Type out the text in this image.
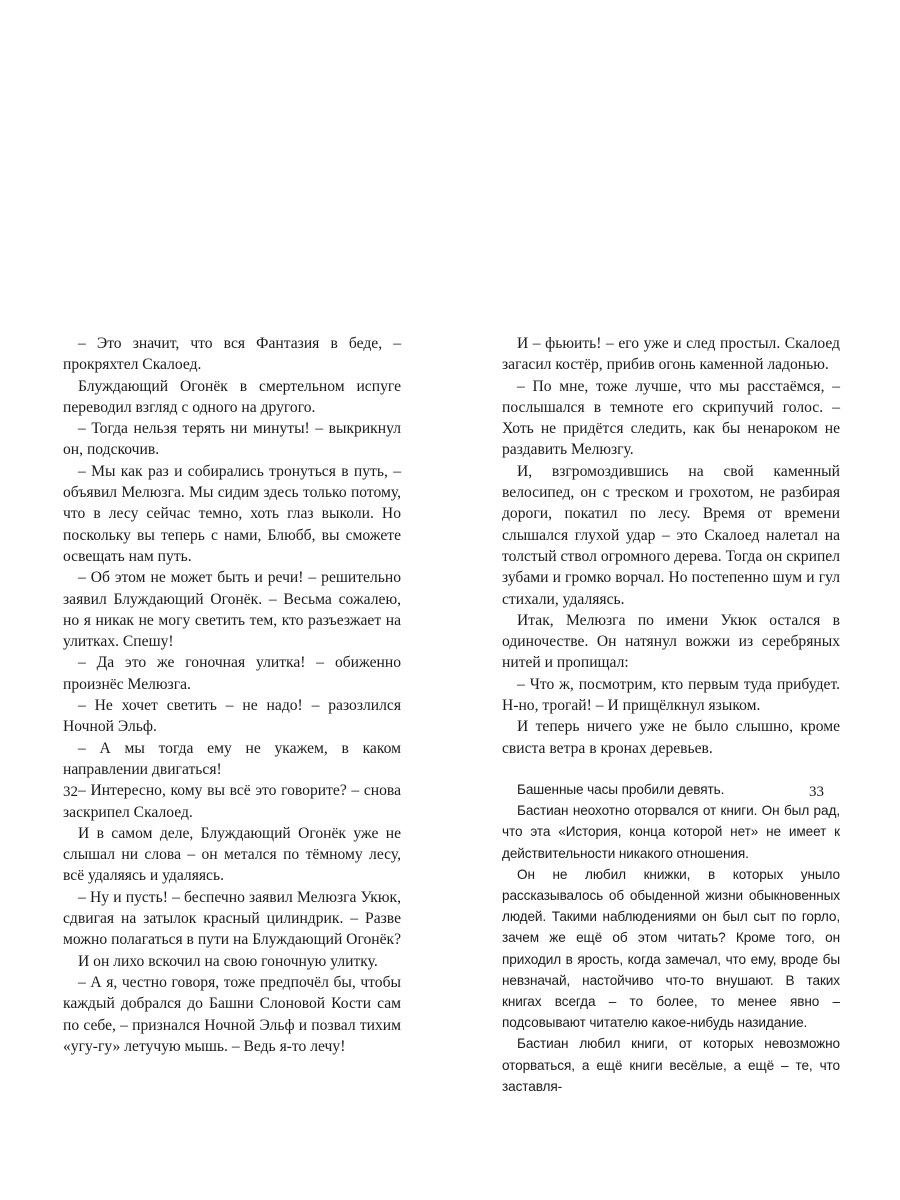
– Это значит, что вся Фантазия в беде, – прокряхтел Скалоед.

Блуждающий Огонёк в смертельном испуге переводил взгляд с одного на другого.

– Тогда нельзя терять ни минуты! – выкрикнул он, подскочив.

– Мы как раз и собирались тронуться в путь, – объявил Мелюзга. Мы сидим здесь только потому, что в лесу сейчас темно, хоть глаз выколи. Но поскольку вы теперь с нами, Блюбб, вы сможете освещать нам путь.

– Об этом не может быть и речи! – решительно заявил Блуждающий Огонёк. – Весьма сожалею, но я никак не могу светить тем, кто разъезжает на улитках. Спешу!

– Да это же гоночная улитка! – обиженно произнёс Мелюзга.

– Не хочет светить – не надо! – разозлился Ночной Эльф.

– А мы тогда ему не укажем, в каком направлении двигаться!

– Интересно, кому вы всё это говорите? – снова заскрипел Скалоед.

И в самом деле, Блуждающий Огонёк уже не слышал ни слова – он метался по тёмному лесу, всё удаляясь и удаляясь.

– Ну и пусть! – беспечно заявил Мелюзга Укюк, сдвигая на затылок красный цилиндрик. – Разве можно полагаться в пути на Блуждающий Огонёк?

И он лихо вскочил на свою гоночную улитку.

– А я, честно говоря, тоже предпочёл бы, чтобы каждый добрался до Башни Слоновой Кости сам по себе, – признался Ночной Эльф и позвал тихим «угу-гу» летучую мышь. – Ведь я-то лечу!

И – фьюить! – его уже и след простыл. Скалоед загасил костёр, прибив огонь каменной ладонью.

– По мне, тоже лучше, что мы расстаёмся, – послышался в темноте его скрипучий голос. – Хоть не придётся следить, как бы ненароком не раздавить Мелюзгу.

И, взгромоздившись на свой каменный велосипед, он с треском и грохотом, не разбирая дороги, покатил по лесу. Время от времени слышался глухой удар – это Скалоед налетал на толстый ствол огромного дерева. Тогда он скрипел зубами и громко ворчал. Но постепенно шум и гул стихали, удаляясь.

Итак, Мелюзга по имени Укюк остался в одиночестве. Он натянул вожжи из серебряных нитей и пропищал:

– Что ж, посмотрим, кто первым туда прибудет. Н-но, трогай! – И прищёлкнул языком.

И теперь ничего уже не было слышно, кроме свиста ветра в кронах деревьев.

Башенные часы пробили девять.

Бастиан неохотно оторвался от книги. Он был рад, что эта «История, конца которой нет» не имеет к действительности никакого отношения.

Он не любил книжки, в которых уныло рассказывалось об обыденной жизни обыкновенных людей. Такими наблюдениями он был сыт по горло, зачем же ещё об этом читать? Кроме того, он приходил в ярость, когда замечал, что ему, вроде бы невзначай, настойчиво что-то внушают. В таких книгах всегда – то более, то менее явно – подсовывают читателю какое-нибудь назидание.

Бастиан любил книги, от которых невозможно оторваться, а ещё книги весёлые, а ещё – те, что заставля-

32	33
